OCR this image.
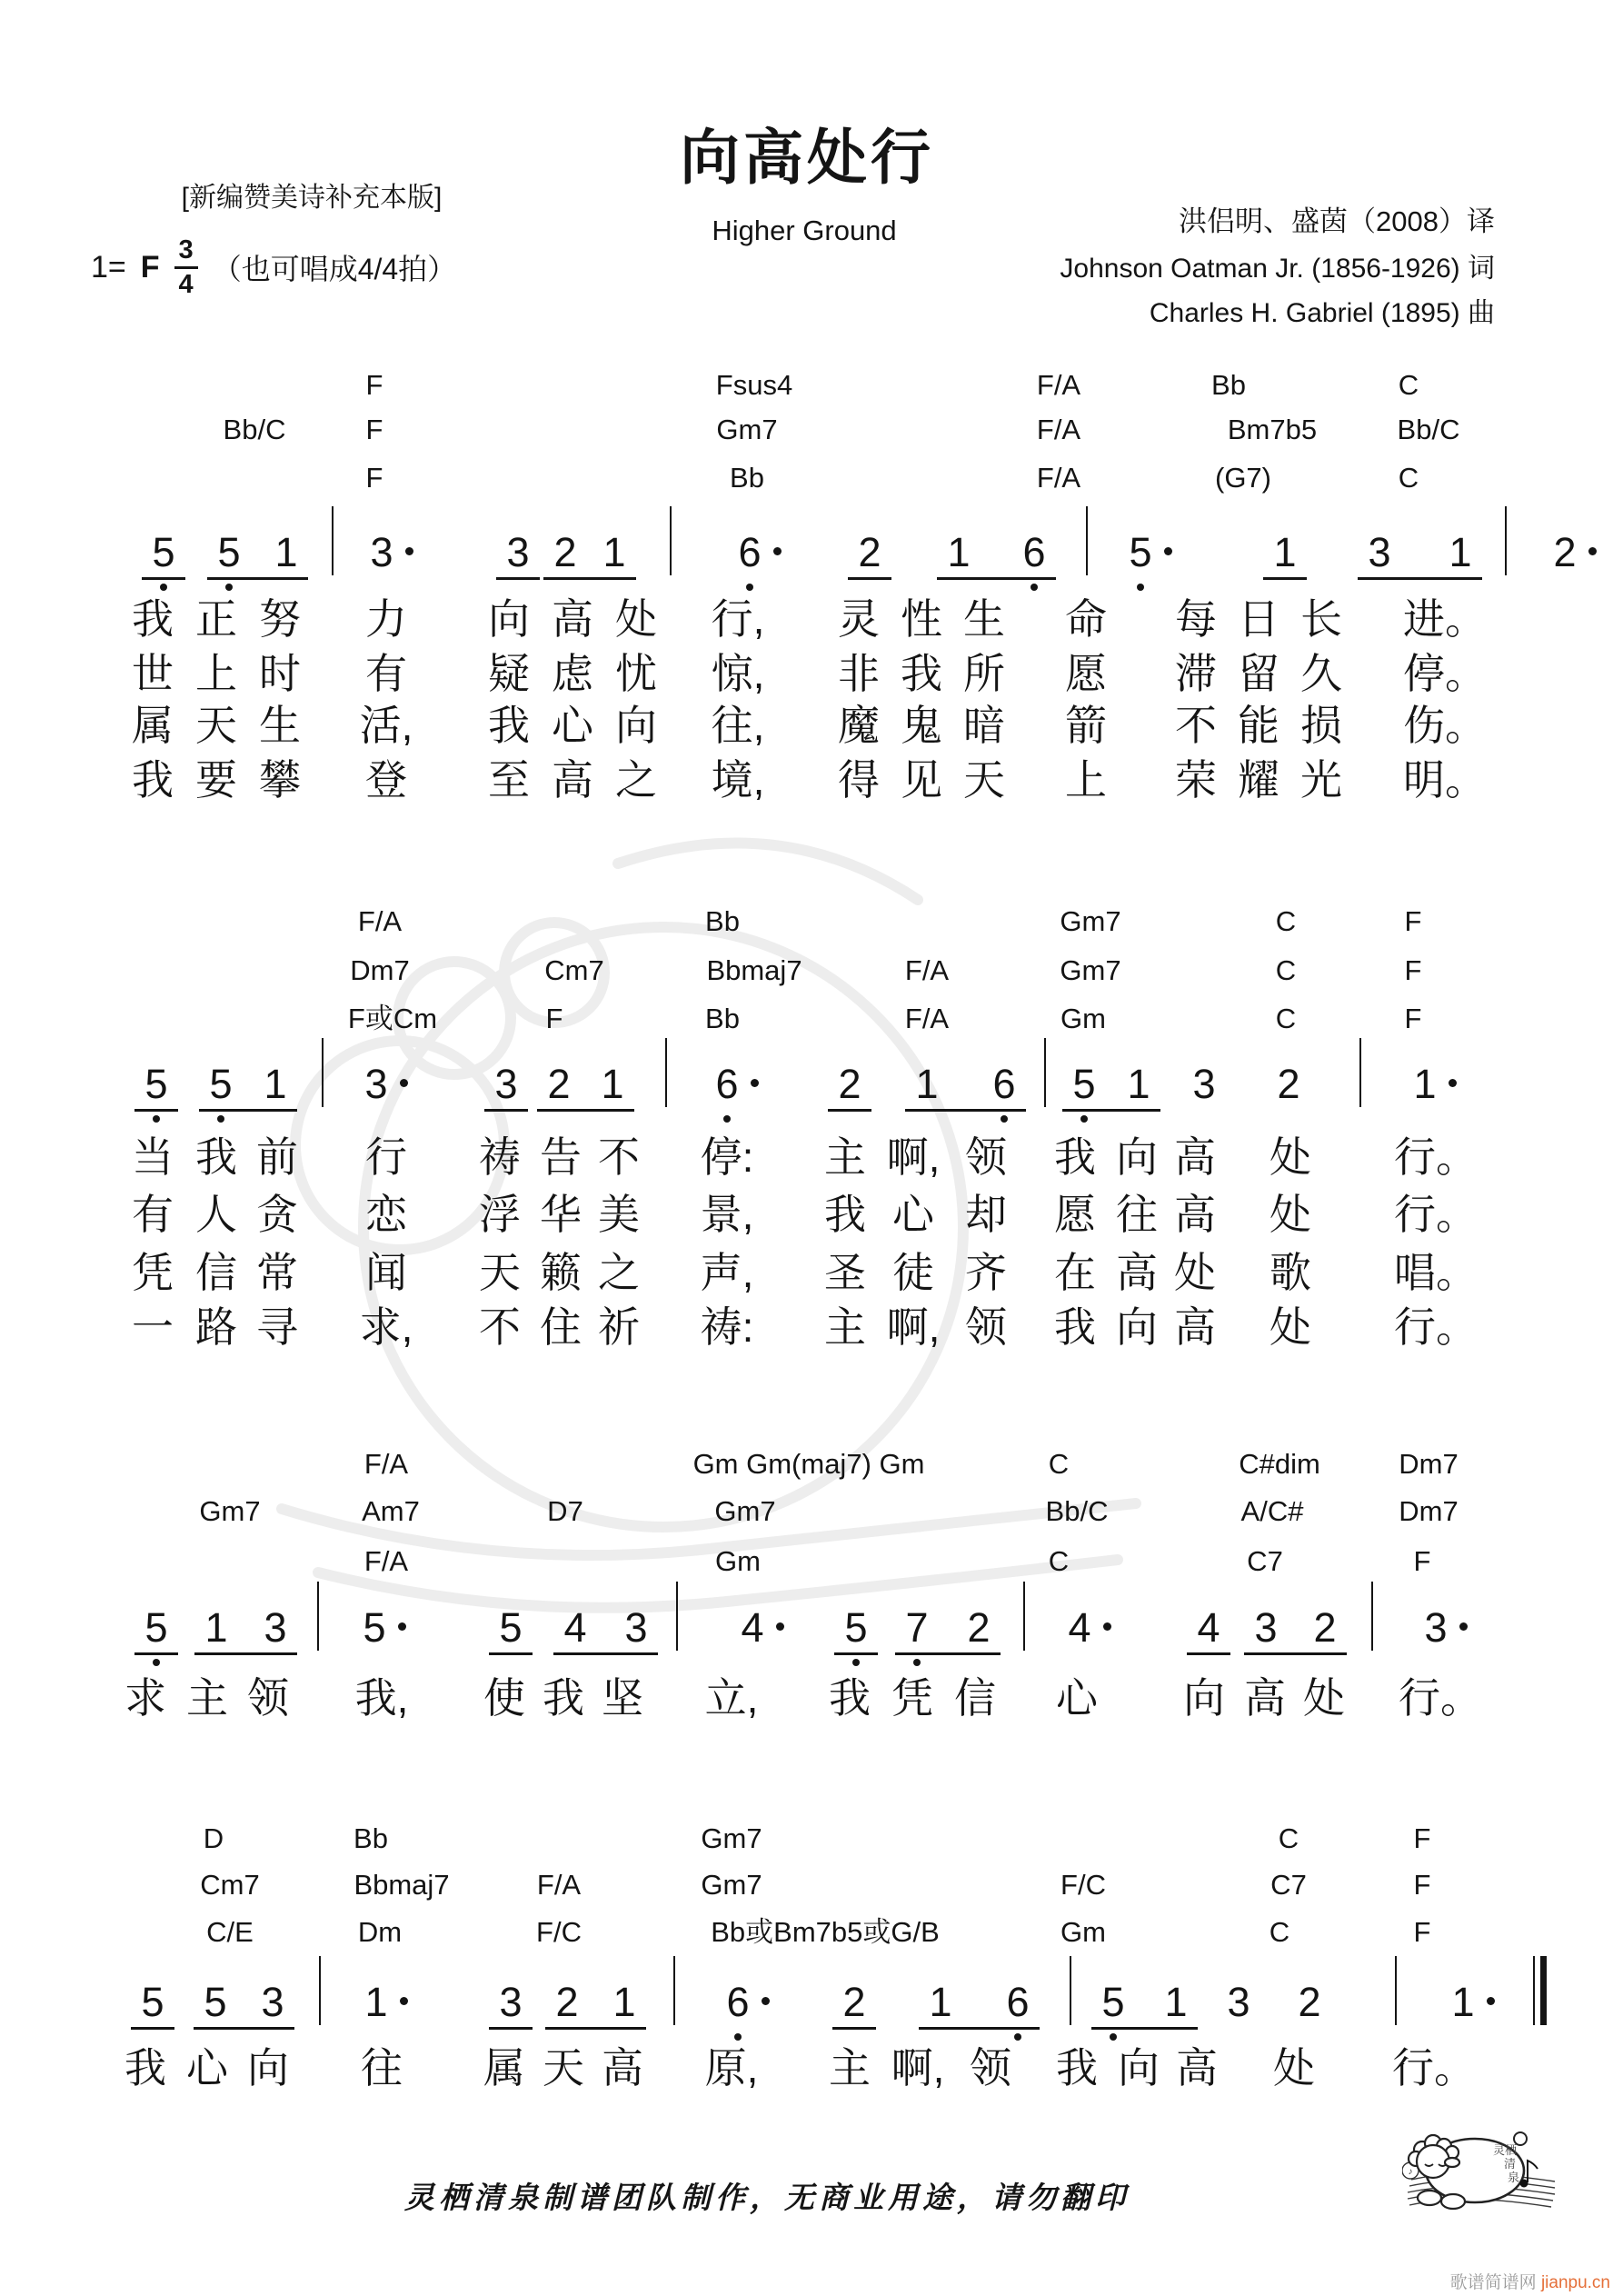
[新编赞美诗补充本版]
向高处行
Higher Ground
1= F $\frac{3}{4}$ （也可唱成4/4拍）
洪侣明、盛茵（2008）译
Johnson Oatman Jr. (1856-1926) 词
Charles H. Gabriel (1895) 曲
F	Fsus4	F/A	Bb	C
Bb/C	F	Gm7	F/A	Bm7b5	Bb/C
F	Bb	F/A	(G7)	C
5 5 1 3	3 2 1	6 2 1 6 5	1 3 1 2
我 正 努 力 向 高 处 行, 灵 性 生 命 每 日 长 进。
世 上 时 有 疑 虑 忧 惊, 非 我 所 愿 滞 留 久 停。
属 天 生 活, 我 心 向 往, 魔 鬼 暗 箭 不 能 损 伤。
我 要 攀 登 至 高 之 境, 得 见 天 上 荣 耀 光 明。
F/A	Bb	Gm7	C	F
Dm7	Cm7	Bbmaj7	F/A	Gm7	C	F
F或Cm	F	Bb	F/A	Gm	C	F
5 5 1 3	3 2 1 6 2 1 6 5 1 3 2	1
当 我 前 行 祷 告 不 停: 主 啊, 领 我 向 高 处 行。
有 人 贪 恋 浮 华 美 景, 我 心 却 愿 往 高 处 行。
凭 信 常 闻 天 籁 之 声, 圣 徒 齐 在 高 处 歌 唱。
一 路 寻 求, 不 住 祈 祷: 主 啊, 领 我 向 高 处 行。
F/A	Gm Gm(maj7) Gm	C	C#dim	Dm7
Gm7	Am7	D7	Gm7	Bb/C	A/C#	Dm7
F/A	Gm	C	C7	F
5 1 3 5	5 4 3 4 5 7 2 4	4 3 2 3
求 主 领 我, 使 我 坚 立, 我 凭 信 心 向 高 处 行。
D	Bb	Gm7	C	F
Cm7	Bbmaj7	F/A	Gm7	F/C	C7	F
C/E	Dm	F/C	Bb或Bm7b5或G/B	Gm	C	F
5 5 3 1	3 2 1 6 2 1 6 5 1 3 2	1
我 心 向 往 属 天 高 原, 主 啊, 领 我 向 高 处 行。
灵栖清泉制谱团队制作，无商业用途，请勿翻印
♪
灵栖
清
泉
歌谱简谱网 jianpu.cn
